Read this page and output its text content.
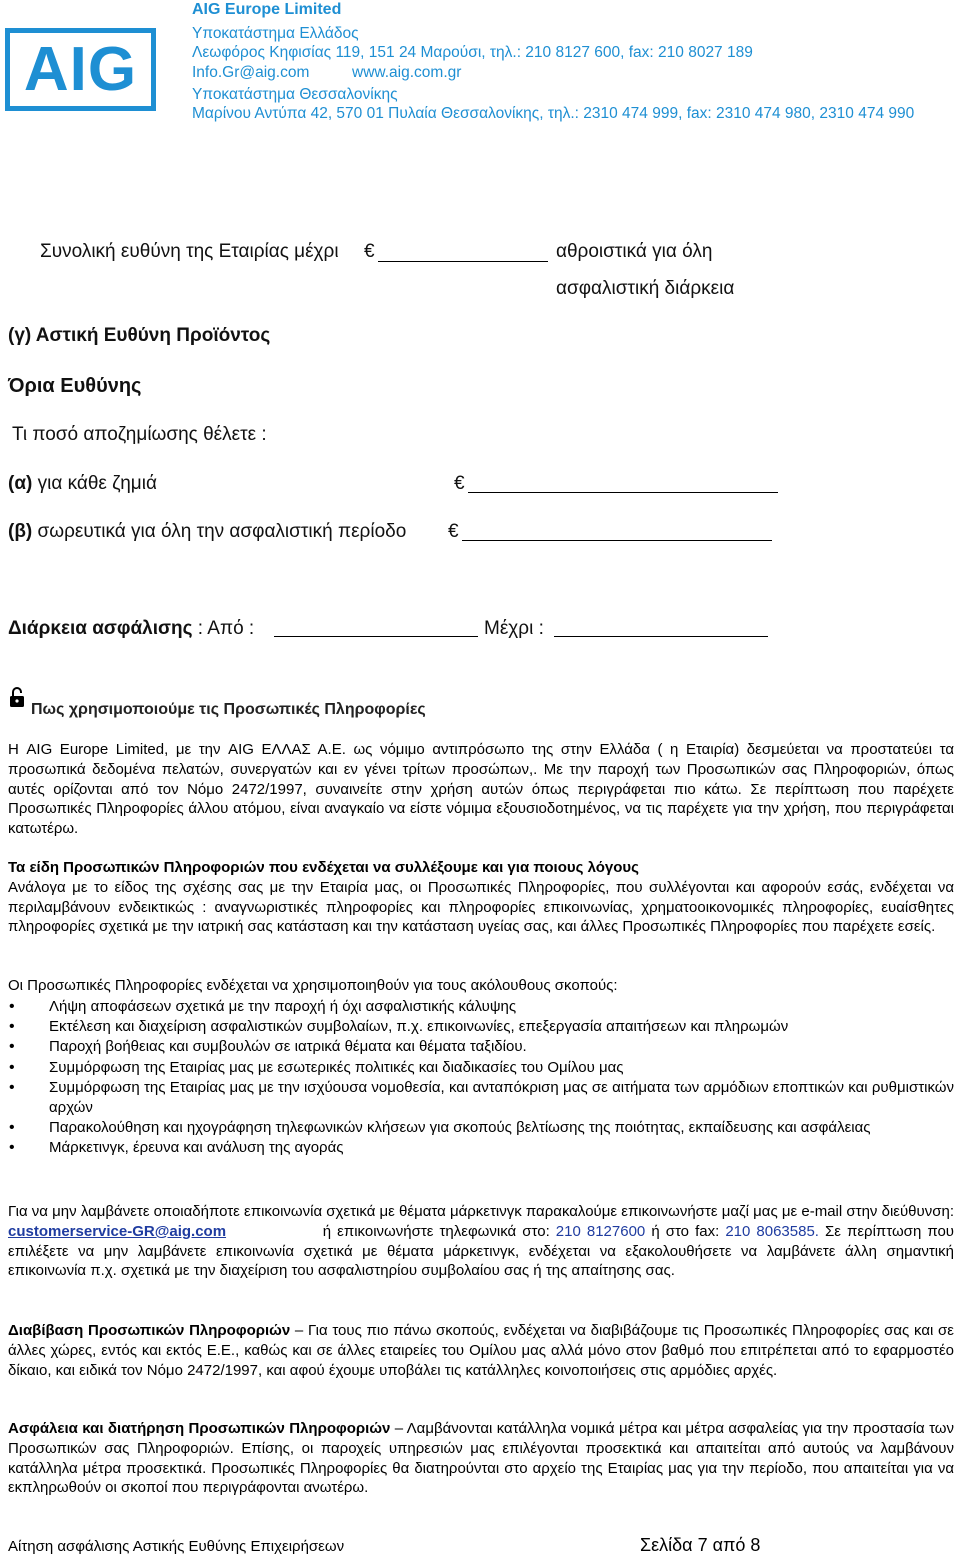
AIG
AIG Europe Limited
Υποκατάστημα Ελλάδος
Λεωφόρος Κηφισίας 119, 151 24 Μαρούσι, τηλ.: 210 8127 600, fax: 210 8027 189
Info.Gr@aig.com	www.aig.com.gr
Υποκατάστημα Θεσσαλονίκης
Μαρίνου Αντύπα 42, 570 01 Πυλαία Θεσσαλονίκης, τηλ.: 2310 474 999, fax: 2310 474 980, 2310 474 990
Συνολική ευθύνη της Εταιρίας μέχρι €	αθροιστικά για όλη
ασφαλιστική διάρκεια
(γ) Αστική Ευθύνη Προϊόντος
Όρια Ευθύνης
Τι ποσό αποζημίωσης θέλετε :
(α) για κάθε ζημιά	€
(β) σωρευτικά για όλη την ασφαλιστική περίοδο €
Διάρκεια ασφάλισης : Από :	Μέχρι :
Πως χρησιμοποιούμε τις Προσωπικές Πληροφορίες
Η AIG Europe Limited, με την AIG ΕΛΛΑΣ Α.Ε. ως νόμιμο αντιπρόσωπο της στην Ελλάδα ( η Εταιρία) δεσμεύεται να προστατεύει τα προσωπικά δεδομένα πελατών, συνεργατών και εν γένει τρίτων προσώπων,. Με την παροχή των Προσωπικών σας Πληροφοριών, όπως αυτές ορίζονται από τον Νόμο 2472/1997, συναινείτε στην χρήση αυτών όπως περιγράφεται πιο κάτω. Σε περίπτωση που παρέχετε Προσωπικές Πληροφορίες άλλου ατόμου, είναι αναγκαίο να είστε νόμιμα εξουσιοδοτημένος, να τις παρέχετε για την χρήση, που περιγράφεται κατωτέρω.
Τα είδη Προσωπικών Πληροφοριών που ενδέχεται να συλλέξουμε και για ποιους λόγους
Ανάλογα με το είδος της σχέσης σας με την Εταιρία μας, οι Προσωπικές Πληροφορίες, που συλλέγονται και αφορούν εσάς, ενδέχεται να περιλαμβάνουν ενδεικτικώς : αναγνωριστικές πληροφορίες και πληροφορίες επικοινωνίας, χρηματοοικονομικές πληροφορίες, ευαίσθητες πληροφορίες σχετικά με την ιατρική σας κατάσταση και την κατάσταση υγείας σας, και άλλες Προσωπικές Πληροφορίες που παρέχετε εσείς.
Οι Προσωπικές Πληροφορίες ενδέχεται να χρησιμοποιηθούν για τους ακόλουθους σκοπούς:
• Λήψη αποφάσεων σχετικά με την παροχή ή όχι ασφαλιστικής κάλυψης
• Εκτέλεση και διαχείριση ασφαλιστικών συμβολαίων, π.χ. επικοινωνίες, επεξεργασία απαιτήσεων και πληρωμών
• Παροχή βοήθειας και συμβουλών σε ιατρικά θέματα και θέματα ταξιδίου.
• Συμμόρφωση της Εταιρίας μας με εσωτερικές πολιτικές και διαδικασίες του Ομίλου μας
• Συμμόρφωση της Εταιρίας μας με την ισχύουσα νομοθεσία, και ανταπόκριση μας σε αιτήματα των αρμόδιων εποπτικών και ρυθμιστικών αρχών
• Παρακολούθηση και ηχογράφηση τηλεφωνικών κλήσεων για σκοπούς βελτίωσης της ποιότητας, εκπαίδευσης και ασφάλειας
• Μάρκετινγκ, έρευνα και ανάλυση της αγοράς
Για να μην λαμβάνετε οποιαδήποτε επικοινωνία σχετικά με θέματα μάρκετινγκ παρακαλούμε επικοινωνήστε μαζί μας με e-mail στην διεύθυνση: customerservice-GR@aig.com                ή επικοινωνήστε τηλεφωνικά στο: 210 8127600 ή στο fax: 210 8063585. Σε περίπτωση που επιλέξετε να μην λαμβάνετε επικοινωνία σχετικά με θέματα μάρκετινγκ, ενδέχεται να εξακολουθήσετε να λαμβάνετε άλλη σημαντική επικοινωνία π.χ. σχετικά με την διαχείριση του ασφαλιστηρίου συμβολαίου σας ή της απαίτησης σας.
Διαβίβαση Προσωπικών Πληροφοριών – Για τους πιο πάνω σκοπούς, ενδέχεται να διαβιβάζουμε τις Προσωπικές Πληροφορίες σας και σε άλλες χώρες, εντός και εκτός Ε.Ε., καθώς και σε άλλες εταιρείες του Ομίλου μας αλλά μόνο στον βαθμό που επιτρέπεται από το εφαρμοστέο δίκαιο, και ειδικά τον Νόμο 2472/1997, και αφού έχουμε υποβάλει τις κατάλληλες κοινοποιήσεις στις αρμόδιες αρχές.
Ασφάλεια και διατήρηση Προσωπικών Πληροφοριών – Λαμβάνονται κατάλληλα νομικά μέτρα και μέτρα ασφαλείας για την προστασία των Προσωπικών σας Πληροφοριών. Επίσης, οι παροχείς υπηρεσιών μας επιλέγονται προσεκτικά και απαιτείται από αυτούς να λαμβάνουν κατάλληλα μέτρα προσεκτικά. Προσωπικές Πληροφορίες θα διατηρούνται στο αρχείο της Εταιρίας μας για την περίοδο, που απαιτείται για να εκπληρωθούν οι σκοποί που περιγράφονται ανωτέρω.
Αίτηση ασφάλισης Αστικής Ευθύνης Επιχειρήσεων	Σελίδα 7 από 8
